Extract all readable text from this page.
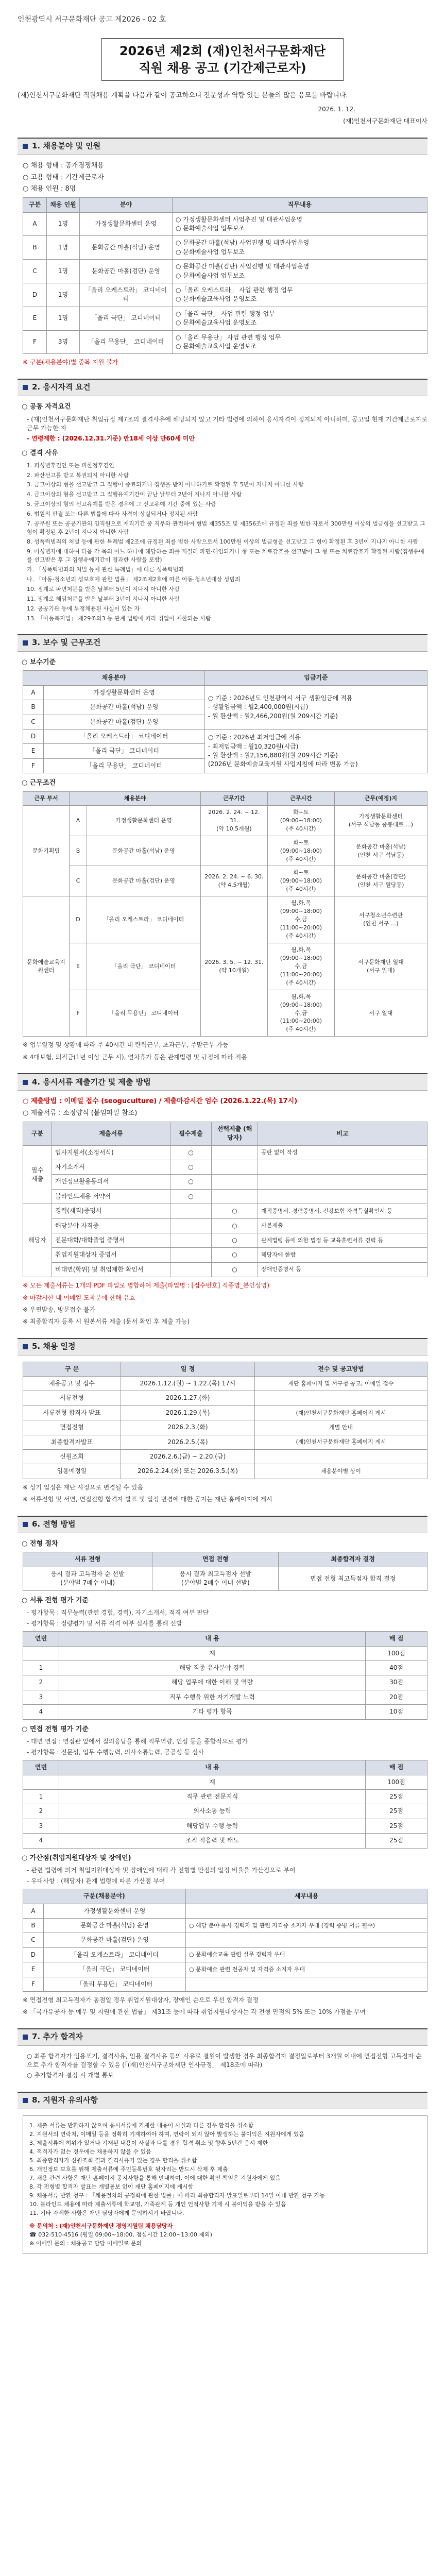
인천광역시 서구문화재단 공고 제2026 - 02 호
2026년 제2회 (재)인천서구문화재단
직원 채용 공고 (기간제근로자)

(재)인천서구문화재단 직원채용 계획을 다음과 같이 공고하오니 전문성과 역량 있는 분들의 많은 응모를 바랍니다.

2026. 1. 12.
(재)인천서구문화재단 대표이사
1. 채용분야 및 인원
○ 채용 형태 : 공개경쟁채용
○ 고용 형태 : 기간제근로자
○ 채용 인원 : 8명
구분	채용 인원	분야	직무내용
A	1명	가정생활문화센터 운영	○ 가정생활문화센터 사업추진 및 대관사업운영
○ 문화예술사업 업무보조

B	1명	문화공간 마홀(석남) 운영	○ 문화공간 마홀(석남) 사업진행 및 대관사업운영
○ 문화예술사업 업무보조

C	1명	문화공간 마홀(검단) 운영	○ 문화공간 마홀(검단) 사업진행 및 대관사업운영
○ 문화예술사업 업무보조

D	1명	「올리 오케스트라」 코디네이터	○「올리 오케스트라」 사업 관련 행정 업무
○ 문화예술교육사업 운영보조

E	1명	「올리 극단」 코디네이터	○「올리 극단」 사업 관련 행정 업무
○ 문화예술교육사업 운영보조

F	3명	「올리 무용단」 코디네이터	○「올리 무용단」 사업 관련 행정 업무
○ 문화예술교육사업 운영보조
※ 구분(채용분야)별 중복 지원 불가
2. 응시자격 요건
○ 공통 자격요건
- (재)인천서구문화재단 취업규정 제7조의 결격사유에 해당되지 않고 기타 법령에 의하여 응시자격이 정지되지 아니하며, 공고일 현재 기간제근로자로 근무 가능한 자
- 연령제한 : (2026.12.31.기준) 만18세 이상 만60세 미만
○ 결격 사유
1. 피성년후견인 또는 피한정후견인
2. 파산선고를 받고 복권되지 아니한 사람
3. 금고이상의 형을 선고받고 그 집행이 종료되거나 집행을 받지 아니하기로 확정된 후 5년이 지나지 아니한 사람
4. 금고이상의 형을 선고받고 그 집행유예기간이 끝난 날부터 2년이 지나지 아니한 사람
5. 금고이상의 형의 선고유예를 받은 경우에 그 선고유예 기간 중에 있는 사람
6. 법원의 판결 또는 다른 법률에 따라 자격이 상실되거나 정지된 사람
7. 공무원 또는 공공기관의 임직원으로 재직기간 중 직무와 관련하여 형법 제355조 및 제356조에 규정된 죄를 범한 자로서 300만원 이상의 벌금형을 선고받고 그 형이 확정된 후 2년이 지나지 아니한 사람
8. 성폭력범죄의 처벌 등에 관한 특례법 제2조에 규정된 죄를 범한 사람으로서 100만원 이상의 벌금형을 선고받고 그 형이 확정된 후 3년이 지나지 아니한 사람
9. 미성년자에 대하여 다음 각 목의 어느 하나에 해당하는 죄를 저질러 파면·해임되거나 형 또는 치료감호를 선고받아 그 형 또는 치료감호가 확정된 사람(집행유예를 선고받은 후 그 집행유예기간이 경과한 사람을 포함)
가. 「성폭력범죄의 처벌 등에 관한 특례법」에 따른 성폭력범죄
나. 「아동·청소년의 성보호에 관한 법률」 제2조제2호에 따른 아동·청소년대상 성범죄
10. 징계로 파면처분을 받은 날부터 5년이 지나지 아니한 사람
11. 징계로 해임처분을 받은 날부터 3년이 지나지 아니한 사람
12. 공공기관 등에 부정채용된 사실이 있는 자
13. 「아동복지법」 제29조의3 등 관계 법령에 따라 취업이 제한되는 사람
3. 보수 및 근무조건
○ 보수기준
채용분야		임금기준
A	가정생활문화센터 운영	○ 기준 : 2026년도 인천광역시 서구 생활임금에 적용
- 생활임금액 : 월2,400,000원(시급)
- 월 환산액 : 월2,466,200원(월 209시간 기준)

B	문화공간 마홀(석남) 운영	
C	문화공간 마홀(검단) 운영	
D	「올리 오케스트라」 코디네이터	○ 기준 : 2026년 최저임금에 적용
- 최저임금액 : 월10,320원(시급)
- 월 환산액 : 월2,156,880원(월 209시간 기준)
(2026년 문화예술교육지원 사업지침에 따라 변동 가능)

E	「올리 극단」 코디네이터	
F	「올리 무용단」 코디네이터	
○ 근무조건
근무 부서	채용분야		근무기간	근무시간	근무(예정)지
문화기획팀	A	가정생활문화센터 운영	2026. 2. 24. ~ 12. 31.
(약 10.5개월)	화~토
(09:00~18:00)
(주 40시간)	가정생활문화센터
(서구 석남동 중봉대로 ...)
	B	문화공간 마홀(석남) 운영		화~토
(09:00~18:00)
(주 40시간)	문화공간 마홀(석남)
(인천 서구 석남동)
	C	문화공간 마홀(검단) 운영	2026. 2. 24. ~ 6. 30.
(약 4.5개월)	화~토
(09:00~18:00)
(주 40시간)	문화공간 마홀(검단)
(인천 서구 원당동)
문화예술교육지원센터	D	「올리 오케스트라」 코디네이터	2026. 3. 5. ~ 12. 31.
(약 10개월)	월,화,목
(09:00~18:00)
수,금
(11:00~20:00)
(주 40시간)	서구청소년수련관
(인천 서구 ...)
	E	「올리 극단」 코디네이터		월,화,목
(09:00~18:00)
수,금
(11:00~20:00)
(주 40시간)	서구문화재단 일대
(서구 일대)
	F	「올리 무용단」 코디네이터		월,화,목
(09:00~18:00)
수,금
(11:00~20:00)
(주 40시간)	서구 일대
※ 업무일정 및 상황에 따라 주 40시간 내 탄력근무, 초과근무, 주말근무 가능
※ 4대보험, 퇴직금(1년 이상 근무 시), 연차휴가 등은 관계법령 및 규정에 따라 적용
4. 응시서류 제출기간 및 제출 방법
○ 제출방법 : 이메일 접수 (seoguculture) / 제출마감시간 엄수 (2026.1.22.(목) 17시)
○ 제출서류 : 소정양식 (붙임파일 참조)
구분	제출서류	필수제출	선택제출 (해당자)	비고
필수
제출	입사지원서(소정서식)	○		공란 없이 작성
	자기소개서	○		
	개인정보활용동의서	○		
	블라인드채용 서약서	○		
해당자	경력(재직)증명서		○	재직증명서, 경력증명서, 건강보험 자격득실확인서 등
	해당분야 자격증		○	사본제출
	전문대학/대학졸업 증명서		○	관계법령 등에 의한 법정 등 교육훈련서류 경력 등
	취업지원대상자 증명서		○	해당자에 한함
	비대면(학위) 및 취업제한 확인서		○	장애인증명서 등
※ 모든 제출서류는 1개의 PDF 파일로 병합하여 제출(파일명 : [접수번호] 직종명_본인성명)
※ 마감시한 내 이메일 도착분에 한해 유효
※ 우편발송, 방문접수 불가
※ 최종합격자 등록 시 원본서류 제출 (문서 확인 후 제출 가능)
5. 채용 일정
구 분	일 정	전수 및 공고방법
채용공고 및 접수	2026.1.12.(월) ~ 1.22.(목) 17시	재단 홈페이지 및 서구청 공고, 이메일 접수
서류전형	2026.1.27.(화)	
서류전형 합격자 발표	2026.1.29.(목)	(재)인천서구문화재단 홈페이지 게시
면접전형	2026.2.3.(화)	개별 안내
최종합격자발표	2026.2.5.(목)	(재)인천서구문화재단 홈페이지 게시
신원조회	2026.2.6.(금) ~ 2.20.(금)	
임용예정일	2026.2.24.(화) 또는 2026.3.5.(목)	채용분야별 상이
※ 상기 일정은 재단 사정으로 변경될 수 있음
※ 서류전형 및 서면, 면접전형 합격자 발표 및 일정 변경에 대한 공지는 재단 홈페이지에 게시
6. 전형 방법
○ 전형 절차
서류 전형	면접 전형	최종합격자 결정
응시 결과 고득점자 순 선발
(분야별 7배수 이내)	응시 결과 최고득점자 선발
(분야별 2배수 이내 선발)	면접 전형 최고득점자 합격 결정
○ 서류 전형 평가 기준
- 평가항목 : 직무능력(관련 경험, 경력), 자기소개서, 적격 여부 판단
- 평가항목 : 정량평가 및 서류 적격 여부 심사를 통해 선발
연번	내 용	배 점
	계	100점
1	해당 직종 유사분야 경력	40점
2	해당 업무에 대한 이해 및 역량	30점
3	직무 수행을 위한 자기개발 노력	20점
4	기타 평가 항목	10점
○ 면접 전형 평가 기준
- 대면 면접 : 면접관 앞에서 질의응답을 통해 직무역량, 인성 등을 종합적으로 평가
- 평가항목 : 전문성, 업무 수행능력, 의사소통능력, 공공성 등 심사
연번	내 용	배 점
	계	100점
1	직무 관련 전문지식	25점
2	의사소통 능력	25점
3	해당업무 수행 능력	25점
4	조직 적응력 및 태도	25점
○ 가산점(취업지원대상자 및 장애인)
- 관련 법령에 의거 취업지원대상자 및 장애인에 대해 각 전형별 만점의 일정 비율을 가산점으로 부여
- 우대사항 : (해당자) 관계 법령에 따른 가산점 부여
구분(채용분야)		세부내용
A	가정생활문화센터 운영	
B	문화공간 마홀(석남) 운영	○ 해당 분야 유사 경력자 및 관련 자격증 소지자 우대 (경력 증빙 서류 필수)
C	문화공간 마홀(검단) 운영	
D	「올리 오케스트라」 코디네이터	○ 문화예술교육 관련 실무 경력자 우대
E	「올리 극단」 코디네이터	○ 문화예술 관련 전공자 및 자격증 소지자 우대
F	「올리 무용단」 코디네이터	
※ 면접전형 최고득점자가 동점일 경우 취업지원대상자, 장애인 순으로 우선 합격자 결정
※ 「국가유공자 등 예우 및 지원에 관한 법률」 제31조 등에 따라 취업지원대상자는 각 전형 만점의 5% 또는 10% 가점을 부여
7. 추가 합격자
○ 최종 합격자가 임용포기, 결격사유, 임용 결격사유 등의 사유로 결원이 발생한 경우 최종합격자 결정일로부터 3개월 이내에 면접전형 고득점자 순으로 추가 합격자를 결정할 수 있음 (「(재)인천서구문화재단 인사규정」 제18조에 따라)
○ 추가합격자 결정 시 개별 통보
8. 지원자 유의사항
1. 제출 서류는 반환하지 않으며 응시서류에 기재한 내용이 사실과 다른 경우 합격을 취소함
2. 지원서의 연락처, 이메일 등을 정확히 기재하여야 하며, 연락이 되지 않아 발생하는 불이익은 지원자에게 있음
3. 제출서류에 허위가 있거나 기재된 내용이 사실과 다를 경우 합격 취소 및 향후 5년간 응시 제한
4. 적격자가 없는 경우에는 채용하지 않을 수 있음
5. 최종합격자가 신원조회 결과 결격사유가 있는 경우 합격을 취소함
6. 개인정보 보호를 위해 제출서류에 주민등록번호 뒷자리는 반드시 삭제 후 제출
7. 채용 관련 사항은 재단 홈페이지 공지사항을 통해 안내하며, 이에 대한 확인 책임은 지원자에게 있음
8. 각 전형별 합격자 발표는 개별통보 없이 재단 홈페이지에 게시함
9. 채용서류 반환 청구 : 「채용절차의 공정화에 관한 법률」에 따라 최종합격자 발표일로부터 14일 이내 반환 청구 가능
10. 블라인드 채용에 따라 제출서류에 학교명, 가족관계 등 개인 인적사항 기재 시 불이익을 받을 수 있음
11. 기타 자세한 사항은 재단 담당자에게 문의하시기 바랍니다.
※ 문의처 : (재)인천서구문화재단 경영지원팀 채용담당자
☎ 032-510-4516 (평일 09:00~18:00, 점심시간 12:00~13:00 제외)
※ 이메일 문의 : 채용공고 담당 이메일로 문의
